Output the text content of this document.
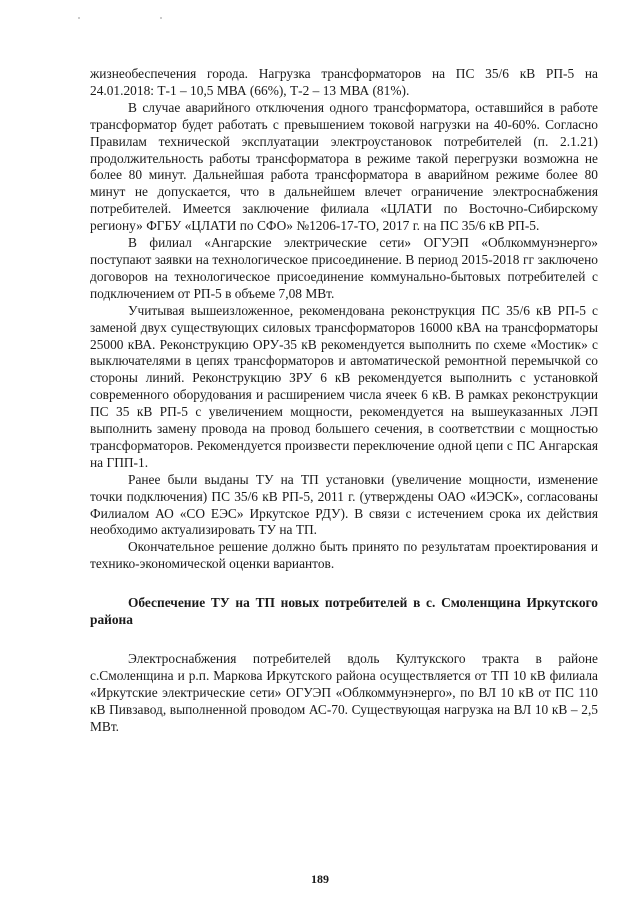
жизнеобеспечения города. Нагрузка трансформаторов на ПС 35/6 кВ РП-5 на 24.01.2018: Т-1 – 10,5 МВА (66%), Т-2 – 13 МВА (81%).

В случае аварийного отключения одного трансформатора, оставшийся в работе трансформатор будет работать с превышением токовой нагрузки на 40-60%. Согласно Правилам технической эксплуатации электроустановок потребителей (п. 2.1.21) продолжительность работы трансформатора в режиме такой перегрузки возможна не более 80 минут. Дальнейшая работа трансформатора в аварийном режиме более 80 минут не допускается, что в дальнейшем влечет ограничение электроснабжения потребителей. Имеется заключение филиала «ЦЛАТИ по Восточно-Сибирскому региону» ФГБУ «ЦЛАТИ по СФО» №1206-17-ТО, 2017 г. на ПС 35/6 кВ РП-5.

В филиал «Ангарские электрические сети» ОГУЭП «Облкоммунэнерго» поступают заявки на технологическое присоединение. В период 2015-2018 гг заключено договоров на технологическое присоединение коммунально-бытовых потребителей с подключением от РП-5 в объеме 7,08 МВт.

Учитывая вышеизложенное, рекомендована реконструкция ПС 35/6 кВ РП-5 с заменой двух существующих силовых трансформаторов 16000 кВА на трансформаторы 25000 кВА. Реконструкцию ОРУ-35 кВ рекомендуется выполнить по схеме «Мостик» с выключателями в цепях трансформаторов и автоматической ремонтной перемычкой со стороны линий. Реконструкцию ЗРУ 6 кВ рекомендуется выполнить с установкой современного оборудования и расширением числа ячеек 6 кВ. В рамках реконструкции ПС 35 кВ РП-5 с увеличением мощности, рекомендуется на вышеуказанных ЛЭП выполнить замену провода на провод большего сечения, в соответствии с мощностью трансформаторов. Рекомендуется произвести переключение одной цепи с ПС Ангарская на ГПП-1.

Ранее были выданы ТУ на ТП установки (увеличение мощности, изменение точки подключения) ПС 35/6 кВ РП-5, 2011 г. (утверждены ОАО «ИЭСК», согласованы Филиалом АО «СО ЕЭС» Иркутское РДУ). В связи с истечением срока их действия необходимо актуализировать ТУ на ТП.

Окончательное решение должно быть принято по результатам проектирования и технико-экономической оценки вариантов.

Обеспечение ТУ на ТП новых потребителей в с. Смоленщина Иркутского района

Электроснабжения потребителей вдоль Култукского тракта в районе с.Смоленщина и р.п. Маркова Иркутского района осуществляется от ТП 10 кВ филиала «Иркутские электрические сети» ОГУЭП «Облкоммунэнерго», по ВЛ 10 кВ от ПС 110 кВ Пивзавод, выполненной проводом АС-70. Существующая нагрузка на ВЛ 10 кВ – 2,5 МВт.

189
